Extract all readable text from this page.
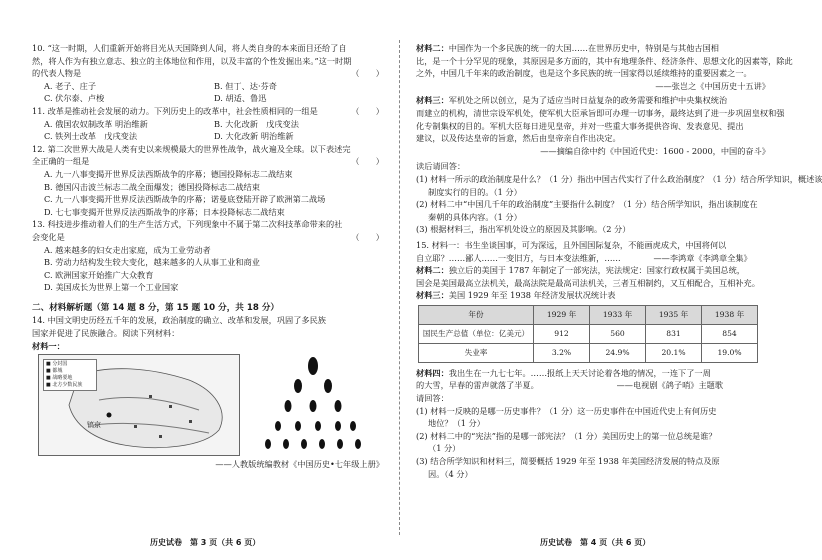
10. “这一时期，人们重新开始将目光从天国降到人间，将人类自身的本来面目还给了自
然，将人作为有独立意志、独立的主体地位和作用，以及丰富的个性发掘出来。”这一时期
的代表人物是	（　　）
A. 老子、庄子	B. 但丁、达·芬奇
C. 伏尔泰、卢梭	D. 胡适、鲁迅
11. 改革是推动社会发展的动力。下列历史上的改革中，社会性质相同的一组是	（　　）
A. 俄国农奴制改革 明治维新	B. 大化改新　戊戌变法
C. 铁列士改革　戊戌变法	D. 大化改新 明治维新
12. 第二次世界大战是人类有史以来规模最大的世界性战争，战火遍及全球。以下表述完
全正确的一组是	（　　）
A. 九一八事变揭开世界反法西斯战争的序幕；德国投降标志二战结束
B. 德国闪击波兰标志二战全面爆发；德国投降标志二战结束
C. 九一八事变揭开世界反法西斯战争的序幕；诺曼底登陆开辟了欧洲第二战场
D. 七七事变揭开世界反法西斯战争的序幕；日本投降标志二战结束
13. 科技进步推动着人们的生产生活方式，下列现象中不属于第二次科技革命带来的社
会变化是	（　　）
A. 越来越多的妇女走出家庭，成为工业劳动者
B. 劳动力结构发生较大变化，越来越多的人从事工业和商业
C. 欧洲国家开始推广大众教育
D. 美国成长为世界上第一个工业国家
二、材料解析题（第 14 题 8 分，第 15 题 10 分，共 18 分）
14. 中国文明史历经五千年的发展，政治制度的确立、改革和发展，巩固了多民族
国家并促进了民族融合。阅读下列材料：
材料一：
镐京
■ 分封国
■ 都城
■ 战略要地
■ 北方少数民族
——人教版统编教材《中国历史•七年级上册》
历史试卷　第 3 页（共 6 页）
材料二：中国作为一个多民族的统一的大国……在世界历史中，特别是与其他古国相
比，是一个十分罕见的现象，其原因是多方面的，其中有地理条件、经济条件、思想文化的因素等，除此
之外，中国几千年来的政治制度，也是这个多民族的统一国家得以延续维持的重要因素之一。
——张岂之《中国历史十五讲》
材料三：军机处之所以创立，是为了适应当时日益复杂的政务需要和维护中央集权统治
而建立的机构，清世宗设军机处，使军机大臣承旨即可办理一切事务，最终达到了进一步巩固皇权和强
化专制集权的目的。军机大臣每日进见皇帝，并对一些重大事务提供咨询、发表意见、提出
建议，以及传达皇帝的旨意，然后由皇帝亲自作出决定。
——摘编自徐中约《中国近代史：1600 - 2000，中国的奋斗》
读后请回答：
(1) 材料一所示的政治制度是什么？（1 分）指出中国古代实行了什么政治制度？（1 分）结合所学知识，概述该
制度实行的目的。（1 分）
(2) 材料二中“中国几千年的政治制度”主要指什么制度？（1 分）结合所学知识，指出该制度在
秦朝的具体内容。（1 分）
(3) 根据材料三，指出军机处设立的原因及其影响。（2 分）
15. 材料一：书生坐谈国事，可为深远，且外国国际复杂，不能画虎成犬，中国将何以
自立耶？……鄙人……一变旧方，与日本变法维新，……　　　　——李鸿章《李鸿章全集》
材料二：独立后的美国于 1787 年制定了一部宪法，宪法规定：国家行政权属于美国总统，
国会是美国最高立法机关，最高法院是最高司法机关，三者互相制约，又互相配合，互相补充。
材料三：美国 1929 年至 1938 年经济发展状况统计表
年份	1929 年	1933 年	1935 年	1938 年
国民生产总值（单位：亿美元）	912	560	831	854
失业率	3.2%	24.9%	20.1%	19.0%
材料四：我出生在一九七七年。……报纸上天天讨论着各地的情况，一连下了一周
的大雪，早春的雷声就落了半夏。　　　　　　　　　　——电视剧《鸽子哨》主题歌
请回答：
(1) 材料一反映的是哪一历史事件？（1 分）这一历史事件在中国近代史上有何历史
地位？（1 分）
(2) 材料二中的“宪法”指的是哪一部宪法？（1 分）美国历史上的第一位总统是谁？
（1 分）
(3) 结合所学知识和材料三，简要概括 1929 年至 1938 年美国经济发展的特点及原
因。（4 分）
历史试卷　第 4 页（共 6 页）
